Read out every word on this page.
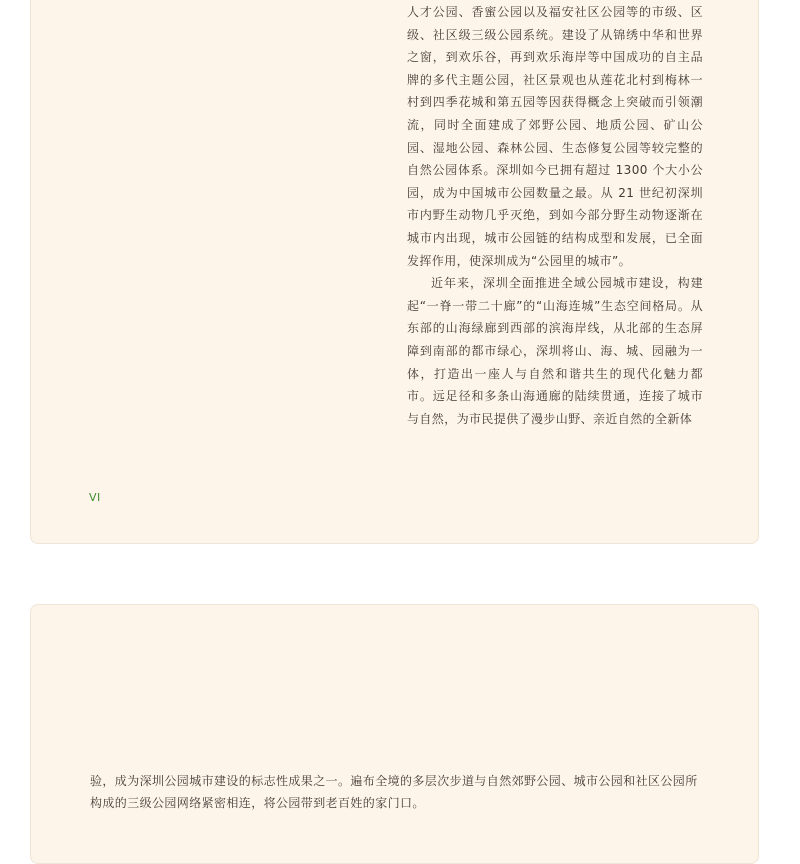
人才公园、香蜜公园以及福安社区公园等的市级、区级、社区级三级公园系统。建设了从锦绣中华和世界之窗，到欢乐谷，再到欢乐海岸等中国成功的自主品牌的多代主题公园，社区景观也从莲花北村到梅林一村到四季花城和第五园等因获得概念上突破而引领潮流，同时全面建成了郊野公园、地质公园、矿山公园、湿地公园、森林公园、生态修复公园等较完整的自然公园体系。深圳如今已拥有超过 1300 个大小公园，成为中国城市公园数量之最。从 21 世纪初深圳市内野生动物几乎灭绝，到如今部分野生动物逐渐在城市内出现，城市公园链的结构成型和发展，已全面发挥作用，使深圳成为“公园里的城市”。

近年来，深圳全面推进全域公园城市建设，构建起“一脊一带二十廊”的“山海连城”生态空间格局。从东部的山海绿廊到西部的滨海岸线，从北部的生态屏障到南部的都市绿心，深圳将山、海、城、园融为一体，打造出一座人与自然和谐共生的现代化魅力都市。远足径和多条山海通廊的陆续贯通，连接了城市与自然，为市民提供了漫步山野、亲近自然的全新体

VI
验，成为深圳公园城市建设的标志性成果之一。遍布全境的多层次步道与自然郊野公园、城市公园和社区公园所
构成的三级公园网络紧密相连，将公园带到老百姓的家门口。
